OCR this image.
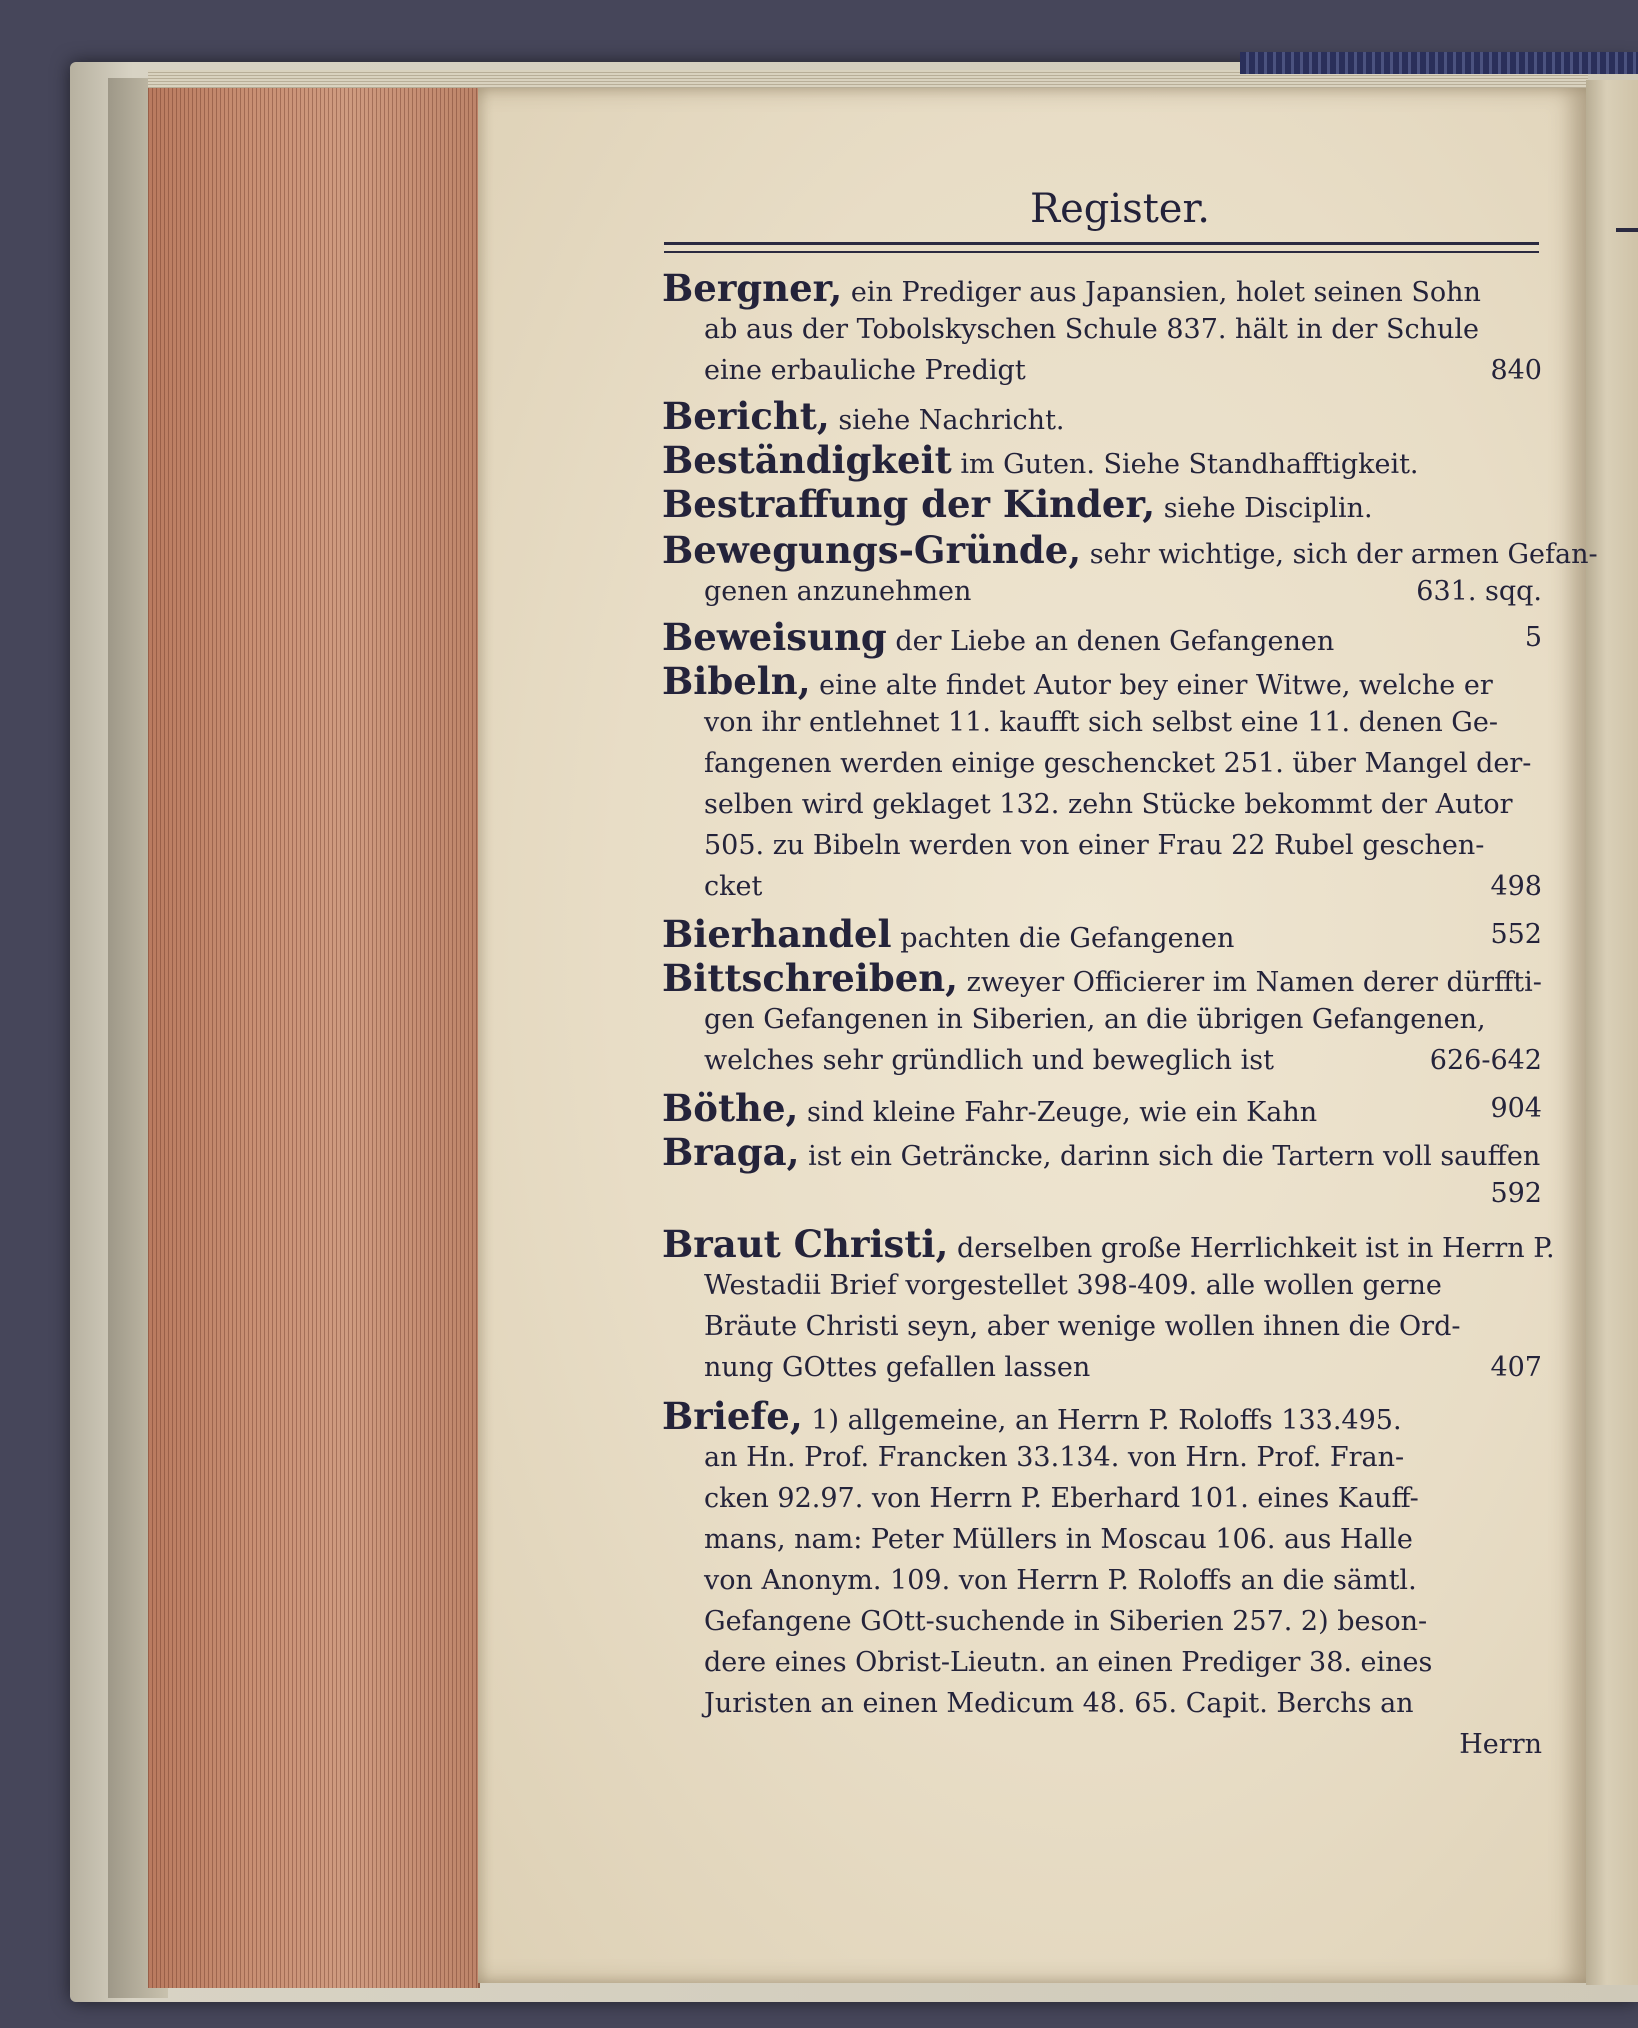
Register.
Bergner, ein Prediger aus Japansien, holet seinen Sohn
ab aus der Tobolskyschen Schule 837. hält in der Schule
eine erbauliche Predigt	840
Bericht, siehe Nachricht.
Beständigkeit im Guten. Siehe Standhafftigkeit.
Bestraffung der Kinder, siehe Disciplin.
Bewegungs-Gründe, sehr wichtige, sich der armen Gefan-
genen anzunehmen	631. sqq.
Beweisung der Liebe an denen Gefangenen	5
Bibeln, eine alte findet Autor bey einer Witwe, welche er
von ihr entlehnet 11. kaufft sich selbst eine 11. denen Ge-
fangenen werden einige geschencket 251. über Mangel der-
selben wird geklaget 132. zehn Stücke bekommt der Autor
505. zu Bibeln werden von einer Frau 22 Rubel geschen-
cket	498
Bierhandel pachten die Gefangenen	552
Bittschreiben, zweyer Officierer im Namen derer dürffti-
gen Gefangenen in Siberien, an die übrigen Gefangenen,
welches sehr gründlich und beweglich ist	626-642
Böthe, sind kleine Fahr-Zeuge, wie ein Kahn	904
Braga, ist ein Geträncke, darinn sich die Tartern voll sauffen
592
Braut Christi, derselben große Herrlichkeit ist in Herrn P.
Westadii Brief vorgestellet 398-409. alle wollen gerne
Bräute Christi seyn, aber wenige wollen ihnen die Ord-
nung GOttes gefallen lassen	407
Briefe, 1) allgemeine, an Herrn P. Roloffs 133.495.
an Hn. Prof. Francken 33.134. von Hrn. Prof. Fran-
cken 92.97. von Herrn P. Eberhard 101. eines Kauff-
mans, nam: Peter Müllers in Moscau 106. aus Halle
von Anonym. 109. von Herrn P. Roloffs an die sämtl.
Gefangene GOtt-suchende in Siberien 257. 2) beson-
dere eines Obrist-Lieutn. an einen Prediger 38. eines
Juristen an einen Medicum 48. 65. Capit. Berchs an
Herrn
